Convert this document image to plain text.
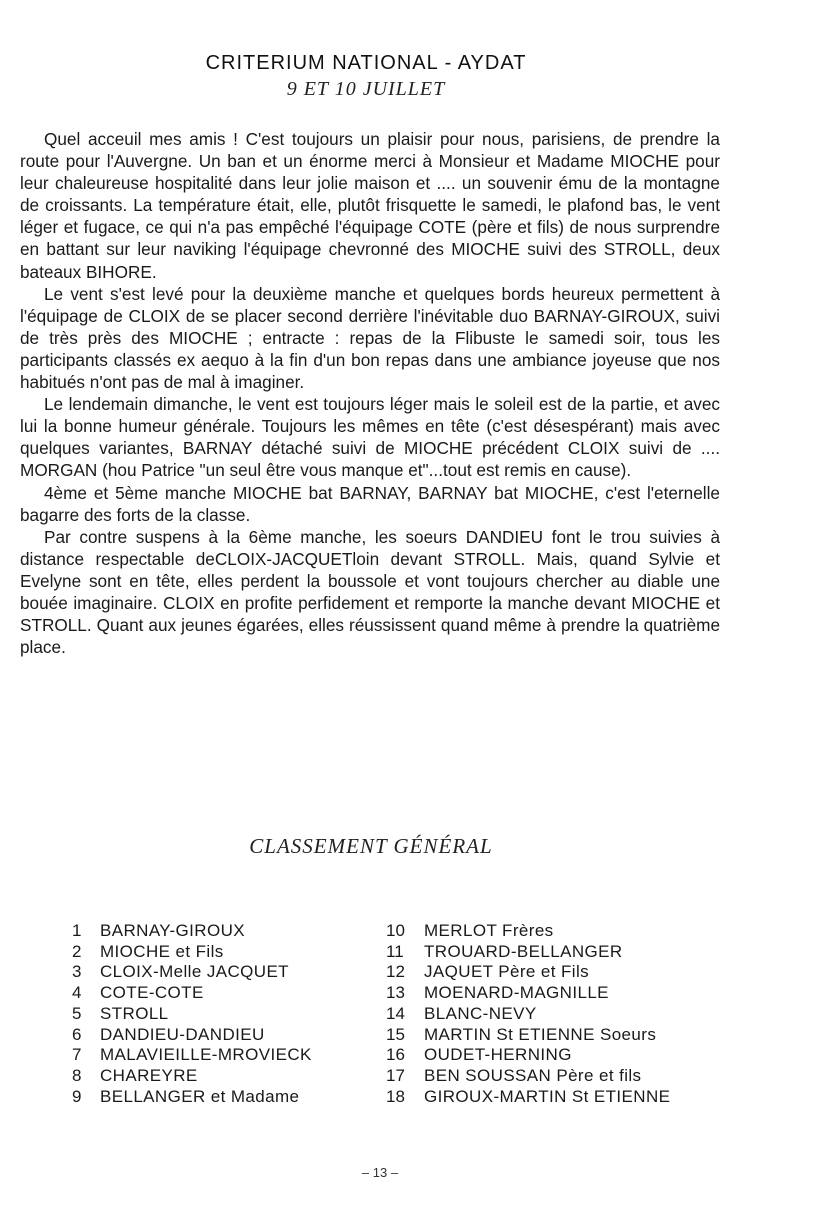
CRITERIUM NATIONAL - AYDAT
9 ET 10 JUILLET

Quel acceuil mes amis ! C'est toujours un plaisir pour nous, parisiens, de prendre la route pour l'Auvergne. Un ban et un énorme merci à Monsieur et Madame MIOCHE pour leur chaleureuse hospitalité dans leur jolie maison et .... un souvenir ému de la montagne de croissants. La température était, elle, plutôt frisquette le samedi, le plafond bas, le vent léger et fugace, ce qui n'a pas empêché l'équipage COTE (père et fils) de nous surprendre en battant sur leur naviking l'équipage chevronné des MIOCHE suivi des STROLL, deux bateaux BIHORE.

Le vent s'est levé pour la deuxième manche et quelques bords heureux permettent à l'équipage de CLOIX de se placer second derrière l'inévitable duo BARNAY-GIROUX, suivi de très près des MIOCHE ; entracte : repas de la Flibuste le samedi soir, tous les participants classés ex aequo à la fin d'un bon repas dans une ambiance joyeuse que nos habitués n'ont pas de mal à imaginer.

Le lendemain dimanche, le vent est toujours léger mais le soleil est de la partie, et avec lui la bonne humeur générale. Toujours les mêmes en tête (c'est désespérant) mais avec quelques variantes, BARNAY détaché suivi de MIOCHE précédent CLOIX suivi de .... MORGAN (hou Patrice "un seul être vous manque et"...tout est remis en cause).

4ème et 5ème manche MIOCHE bat BARNAY, BARNAY bat MIOCHE, c'est l'eternelle bagarre des forts de la classe.

Par contre suspens à la 6ème manche, les soeurs DANDIEU font le trou suivies à distance respectable deCLOIX-JACQUETloin devant STROLL. Mais, quand Sylvie et Evelyne sont en tête, elles perdent la boussole et vont toujours chercher au diable une bouée imaginaire. CLOIX en profite perfidement et remporte la manche devant MIOCHE et STROLL. Quant aux jeunes égarées, elles réussissent quand même à prendre la quatrième place.

CLASSEMENT GÉNÉRAL
1	BARNAY-GIROUX
2	MIOCHE et Fils
3	CLOIX-Melle JACQUET
4	COTE-COTE
5	STROLL
6	DANDIEU-DANDIEU
7	MALAVIEILLE-MROVIECK
8	CHAREYRE
9	BELLANGER et Madame
10	MERLOT Frères
11	TROUARD-BELLANGER
12	JAQUET Père et Fils
13	MOENARD-MAGNILLE
14	BLANC-NEVY
15	MARTIN St ETIENNE Soeurs
16	OUDET-HERNING
17	BEN SOUSSAN Père et fils
18	GIROUX-MARTIN St ETIENNE
– 13 –
